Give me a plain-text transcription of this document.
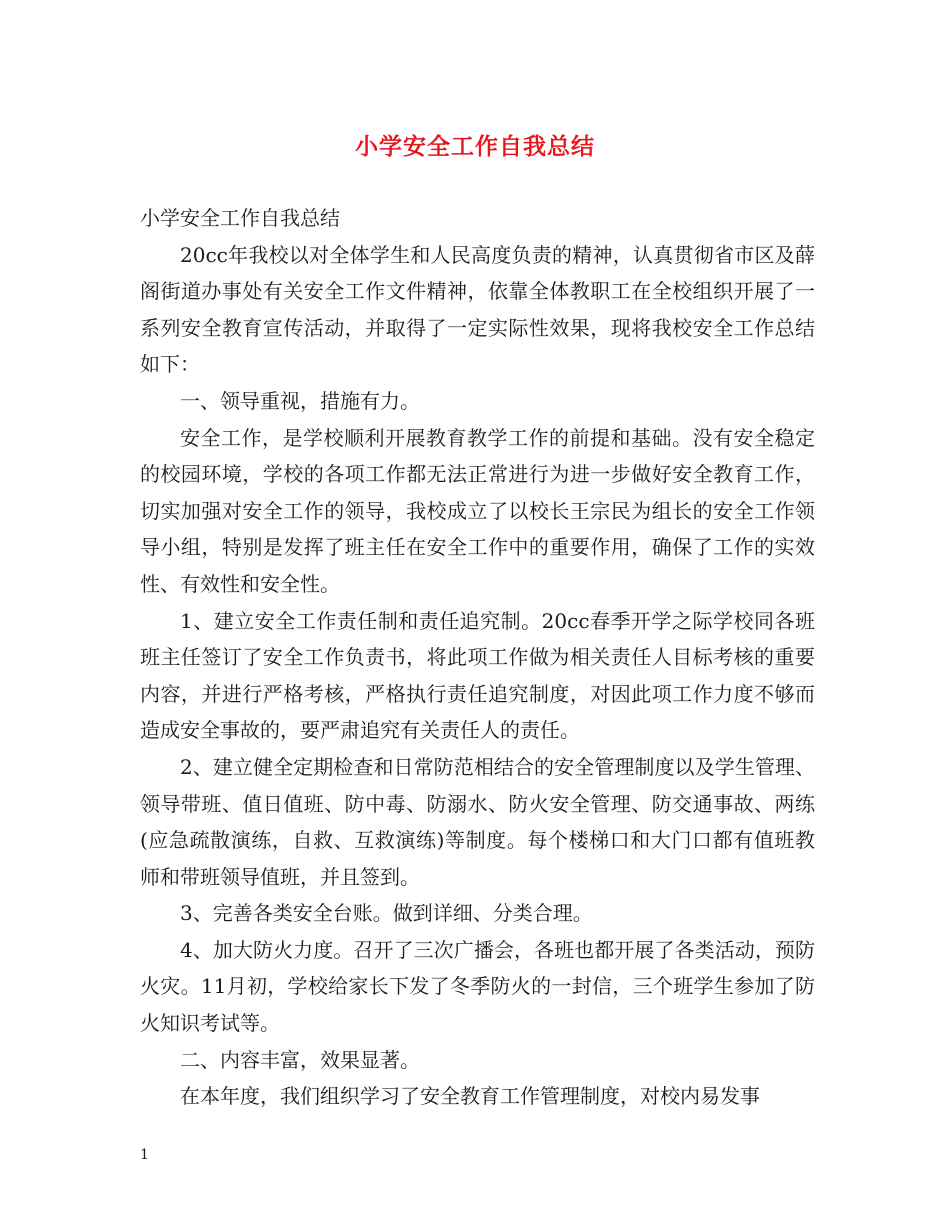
小学安全工作自我总结

小学安全工作自我总结

20cc年我校以对全体学生和人民高度负责的精神，认真贯彻省市区及薛阁街道办事处有关安全工作文件精神，依靠全体教职工在全校组织开展了一系列安全教育宣传活动，并取得了一定实际性效果，现将我校安全工作总结如下：

一、领导重视，措施有力。

安全工作，是学校顺利开展教育教学工作的前提和基础。没有安全稳定的校园环境，学校的各项工作都无法正常进行为进一步做好安全教育工作，切实加强对安全工作的领导，我校成立了以校长王宗民为组长的安全工作领导小组，特别是发挥了班主任在安全工作中的重要作用，确保了工作的实效性、有效性和安全性。

1、建立安全工作责任制和责任追究制。20cc春季开学之际学校同各班班主任签订了安全工作负责书，将此项工作做为相关责任人目标考核的重要内容，并进行严格考核，严格执行责任追究制度，对因此项工作力度不够而造成安全事故的，要严肃追究有关责任人的责任。

2、建立健全定期检查和日常防范相结合的安全管理制度以及学生管理、领导带班、值日值班、防中毒、防溺水、防火安全管理、防交通事故、两练(应急疏散演练，自救、互救演练)等制度。每个楼梯口和大门口都有值班教师和带班领导值班，并且签到。

3、完善各类安全台账。做到详细、分类合理。

4、加大防火力度。召开了三次广播会，各班也都开展了各类活动，预防火灾。11月初，学校给家长下发了冬季防火的一封信，三个班学生参加了防火知识考试等。

二、内容丰富，效果显著。

在本年度，我们组织学习了安全教育工作管理制度，对校内易发事

1
